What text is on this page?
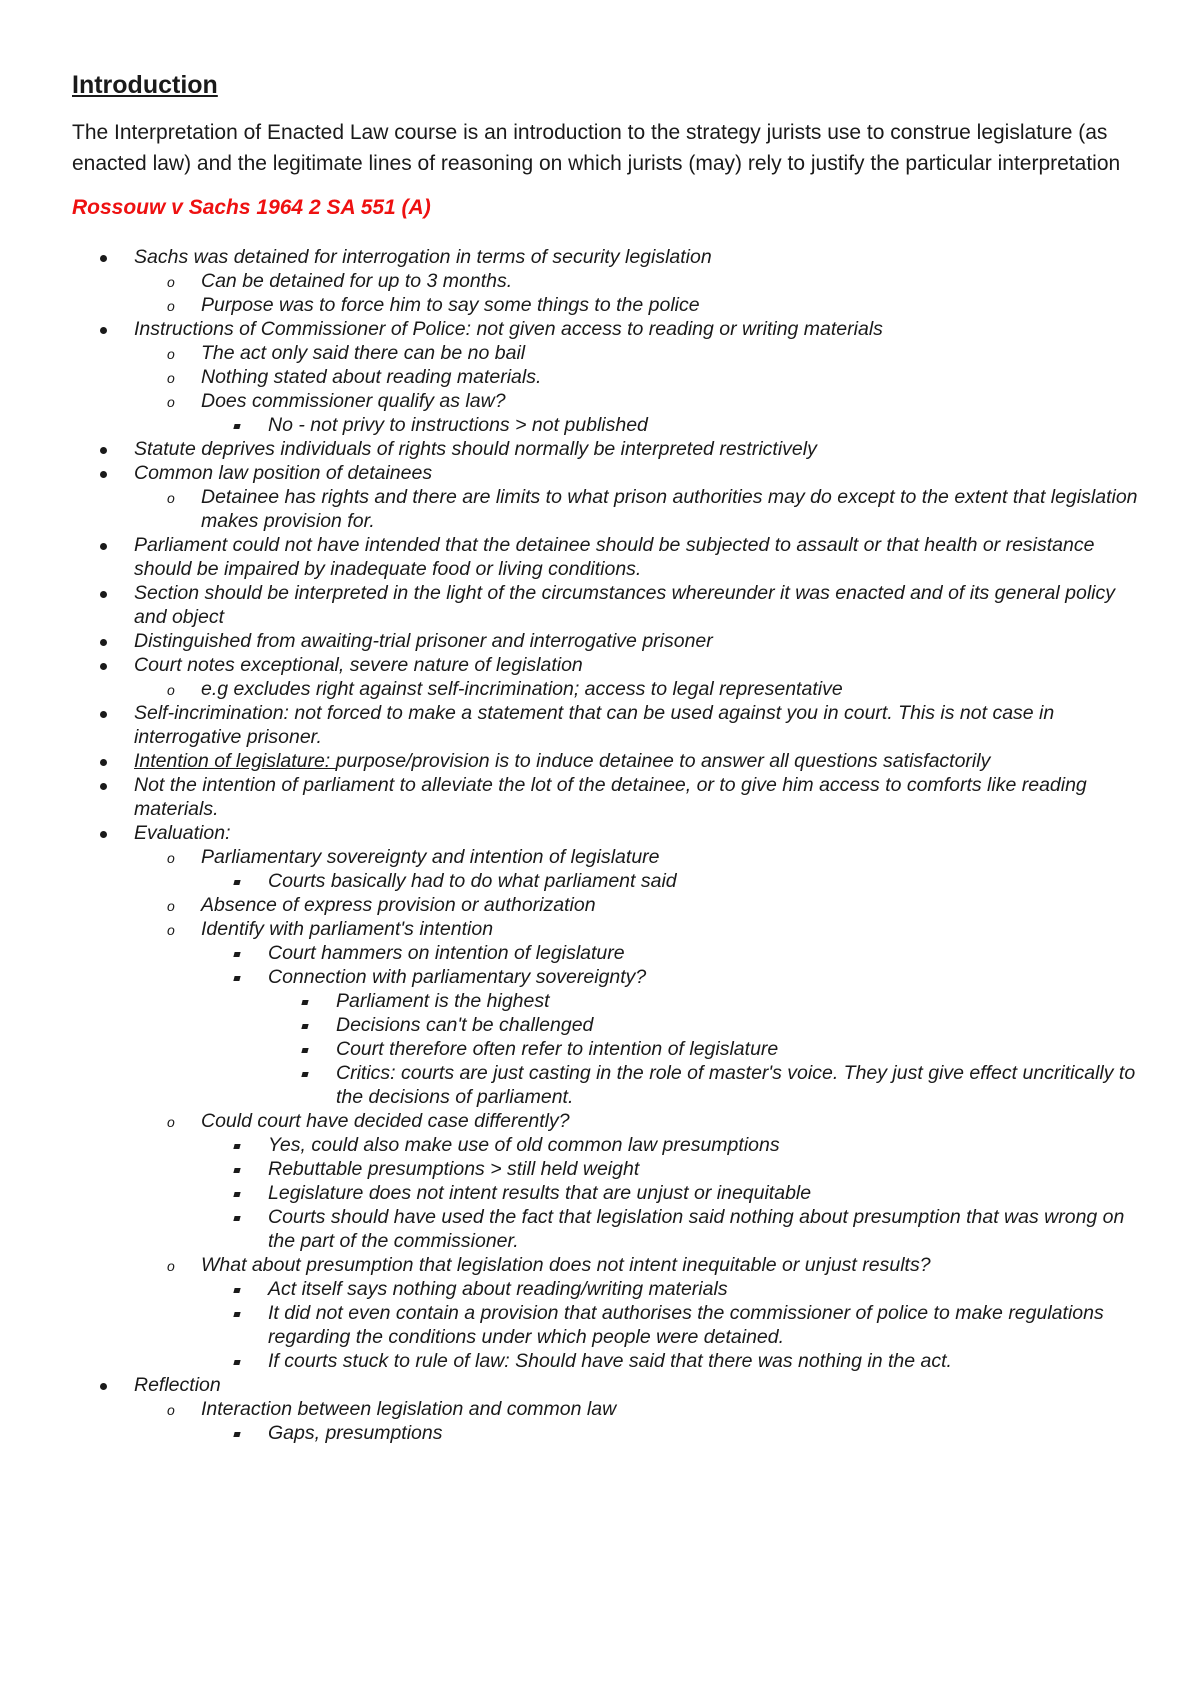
Introduction

The Interpretation of Enacted Law course is an introduction to the strategy jurists use to construe legislature (as enacted law) and the legitimate lines of reasoning on which jurists (may) rely to justify the particular interpretation

Rossouw v Sachs 1964 2 SA 551 (A)
Sachs was detained for interrogation in terms of security legislation
o Can be detained for up to 3 months.
o Purpose was to force him to say some things to the police
Instructions of Commissioner of Police: not given access to reading or writing materials
o The act only said there can be no bail
o Nothing stated about reading materials.
o Does commissioner qualify as law?
No - not privy to instructions > not published
Statute deprives individuals of rights should normally be interpreted restrictively
Common law position of detainees
o Detainee has rights and there are limits to what prison authorities may do except to the extent that legislation makes provision for.
Parliament could not have intended that the detainee should be subjected to assault or that health or resistance should be impaired by inadequate food or living conditions.
Section should be interpreted in the light of the circumstances whereunder it was enacted and of its general policy and object
Distinguished from awaiting-trial prisoner and interrogative prisoner
Court notes exceptional, severe nature of legislation
o e.g excludes right against self-incrimination; access to legal representative
Self-incrimination: not forced to make a statement that can be used against you in court. This is not case in interrogative prisoner.
Intention of legislature: purpose/provision is to induce detainee to answer all questions satisfactorily
Not the intention of parliament to alleviate the lot of the detainee, or to give him access to comforts like reading materials.
Evaluation:
o Parliamentary sovereignty and intention of legislature
Courts basically had to do what parliament said
o Absence of express provision or authorization
o Identify with parliament's intention
Court hammers on intention of legislature
Connection with parliamentary sovereignty?
Parliament is the highest
Decisions can't be challenged
Court therefore often refer to intention of legislature
Critics: courts are just casting in the role of master's voice. They just give effect uncritically to the decisions of parliament.
o Could court have decided case differently?
Yes, could also make use of old common law presumptions
Rebuttable presumptions > still held weight
Legislature does not intent results that are unjust or inequitable
Courts should have used the fact that legislation said nothing about presumption that was wrong on the part of the commissioner.
o What about presumption that legislation does not intent inequitable or unjust results?
Act itself says nothing about reading/writing materials
It did not even contain a provision that authorises the commissioner of police to make regulations regarding the conditions under which people were detained.
If courts stuck to rule of law: Should have said that there was nothing in the act.
Reflection
o Interaction between legislation and common law
Gaps, presumptions
